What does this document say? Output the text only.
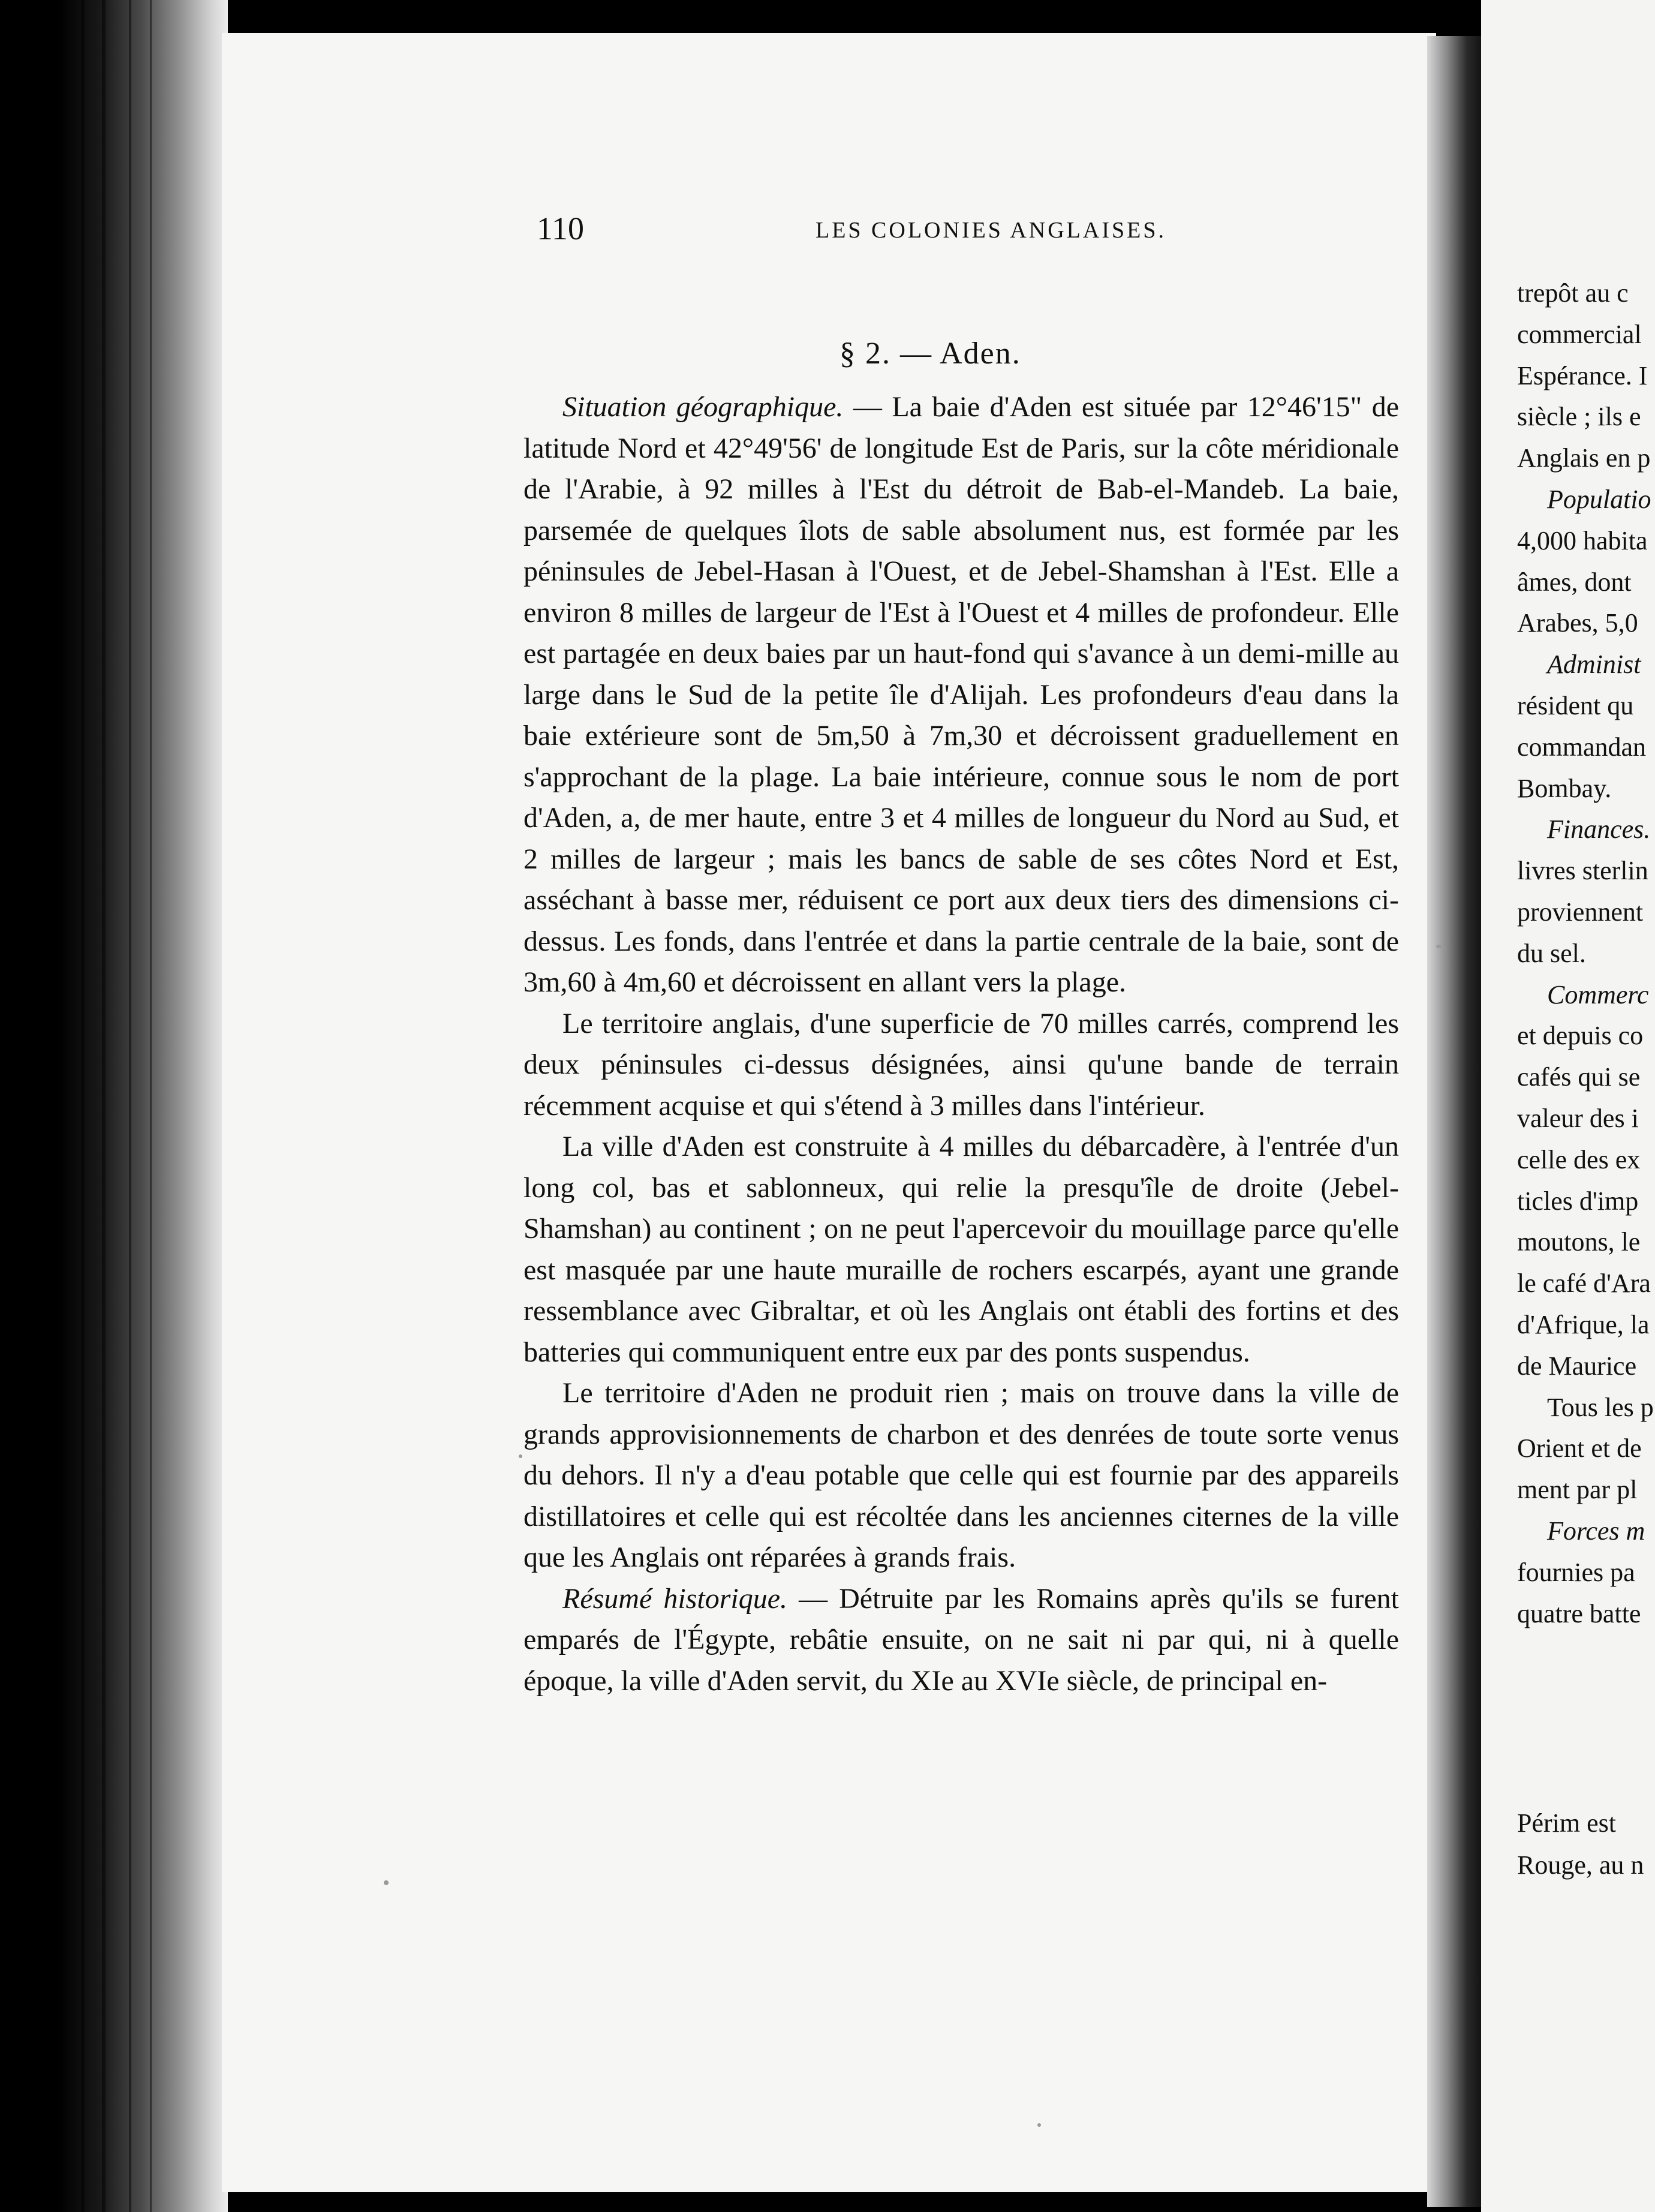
110	LES COLONIES ANGLAISES.
§ 2. — Aden.

Situation géographique. — La baie d'Aden est située par 12°46'15" de latitude Nord et 42°49'56' de longitude Est de Paris, sur la côte méridionale de l'Arabie, à 92 milles à l'Est du détroit de Bab-el-Mandeb. La baie, parsemée de quelques îlots de sable absolument nus, est formée par les péninsules de Jebel-Hasan à l'Ouest, et de Jebel-Shamshan à l'Est. Elle a environ 8 milles de largeur de l'Est à l'Ouest et 4 milles de profondeur. Elle est partagée en deux baies par un haut-fond qui s'avance à un demi-mille au large dans le Sud de la petite île d'Alijah. Les profondeurs d'eau dans la baie extérieure sont de 5m,50 à 7m,30 et décroissent graduellement en s'approchant de la plage. La baie intérieure, connue sous le nom de port d'Aden, a, de mer haute, entre 3 et 4 milles de longueur du Nord au Sud, et 2 milles de largeur ; mais les bancs de sable de ses côtes Nord et Est, asséchant à basse mer, réduisent ce port aux deux tiers des dimensions ci-dessus. Les fonds, dans l'entrée et dans la partie centrale de la baie, sont de 3m,60 à 4m,60 et décroissent en allant vers la plage.

Le territoire anglais, d'une superficie de 70 milles carrés, comprend les deux péninsules ci-dessus désignées, ainsi qu'une bande de terrain récemment acquise et qui s'étend à 3 milles dans l'intérieur.

La ville d'Aden est construite à 4 milles du débarcadère, à l'entrée d'un long col, bas et sablonneux, qui relie la presqu'île de droite (Jebel-Shamshan) au continent ; on ne peut l'apercevoir du mouillage parce qu'elle est masquée par une haute muraille de rochers escarpés, ayant une grande ressemblance avec Gibraltar, et où les Anglais ont établi des fortins et des batteries qui communiquent entre eux par des ponts suspendus.

Le territoire d'Aden ne produit rien ; mais on trouve dans la ville de grands approvisionnements de charbon et des denrées de toute sorte venus du dehors. Il n'y a d'eau potable que celle qui est fournie par des appareils distillatoires et celle qui est récoltée dans les anciennes citernes de la ville que les Anglais ont réparées à grands frais.

Résumé historique. — Détruite par les Romains après qu'ils se furent emparés de l'Égypte, rebâtie ensuite, on ne sait ni par qui, ni à quelle époque, la ville d'Aden servit, du XIe au XVIe siècle, de principal en-

trepôt au c
commercial
Espérance. I
siècle ; ils e
Anglais en p
Populatio
4,000 habita
âmes, dont
Arabes, 5,0
Administ
résident qu
commandan
Bombay.
Finances.
livres sterlin
proviennent
du sel.
Commerc
et depuis co
cafés qui se
valeur des i
celle des ex
ticles d'imp
moutons, le
le café d'Ara
d'Afrique, la
de Maurice
Tous les p
Orient et de
ment par pl
Forces m
fournies pa
quatre batte
Périm est
Rouge, au n
